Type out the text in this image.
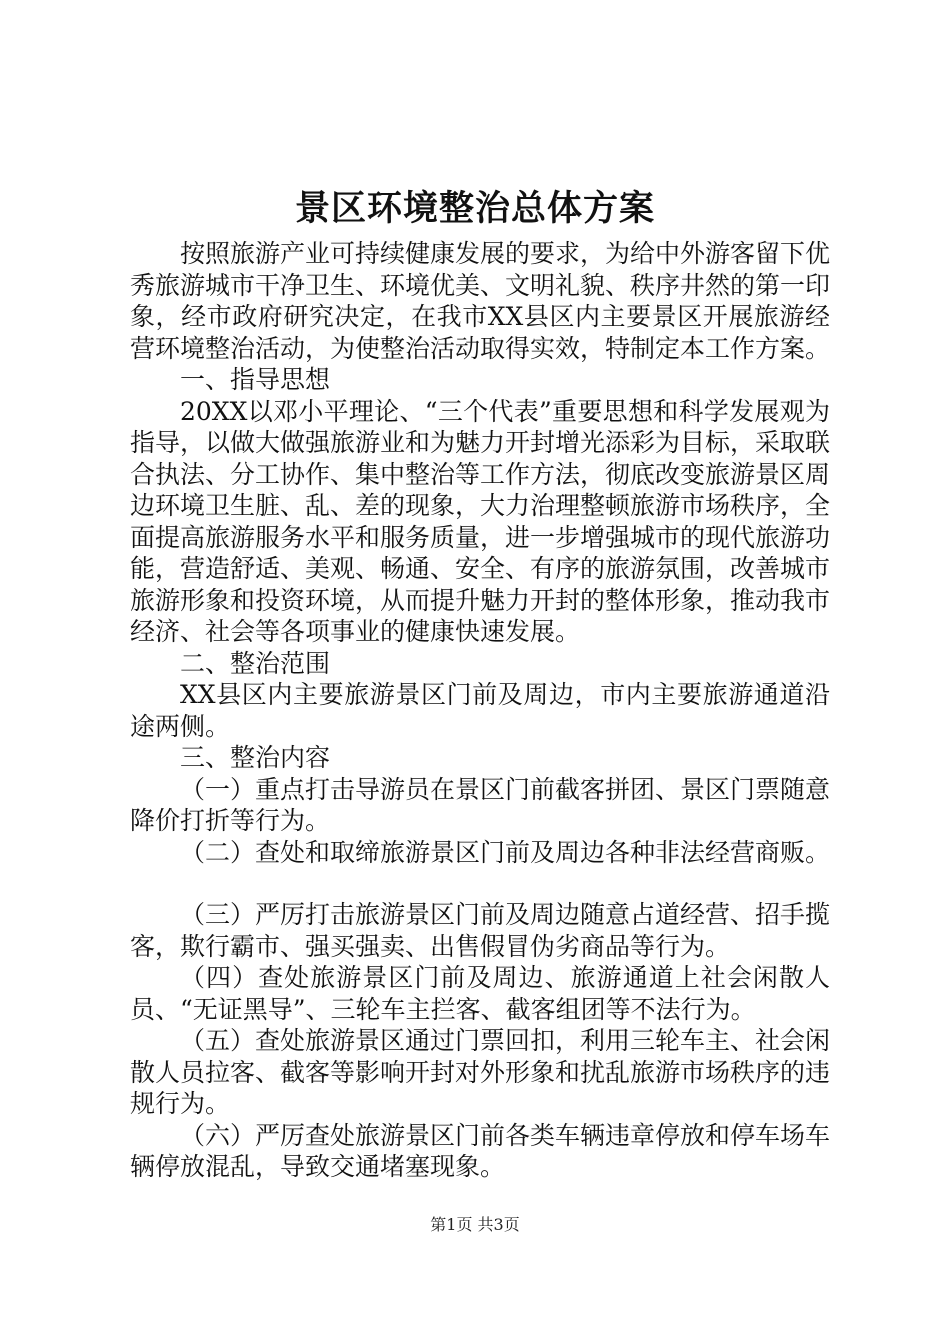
景区环境整治总体方案

按照旅游产业可持续健康发展的要求，为给中外游客留下优秀旅游城市干净卫生、环境优美、文明礼貌、秩序井然的第一印象，经市政府研究决定，在我市XX县区内主要景区开展旅游经营环境整治活动，为使整治活动取得实效，特制定本工作方案。

一、指导思想

20XX以邓小平理论、“三个代表”重要思想和科学发展观为指导，以做大做强旅游业和为魅力开封增光添彩为目标，采取联合执法、分工协作、集中整治等工作方法，彻底改变旅游景区周边环境卫生脏、乱、差的现象，大力治理整顿旅游市场秩序，全面提高旅游服务水平和服务质量，进一步增强城市的现代旅游功能，营造舒适、美观、畅通、安全、有序的旅游氛围，改善城市旅游形象和投资环境，从而提升魅力开封的整体形象，推动我市经济、社会等各项事业的健康快速发展。

二、整治范围

XX县区内主要旅游景区门前及周边，市内主要旅游通道沿途两侧。

三、整治内容

（一）重点打击导游员在景区门前截客拼团、景区门票随意降价打折等行为。

（二）查处和取缔旅游景区门前及周边各种非法经营商贩。

（三）严厉打击旅游景区门前及周边随意占道经营、招手揽客，欺行霸市、强买强卖、出售假冒伪劣商品等行为。

（四）查处旅游景区门前及周边、旅游通道上社会闲散人员、“无证黑导”、三轮车主拦客、截客组团等不法行为。

（五）查处旅游景区通过门票回扣，利用三轮车主、社会闲散人员拉客、截客等影响开封对外形象和扰乱旅游市场秩序的违规行为。

（六）严厉查处旅游景区门前各类车辆违章停放和停车场车辆停放混乱，导致交通堵塞现象。

第1页 共3页
